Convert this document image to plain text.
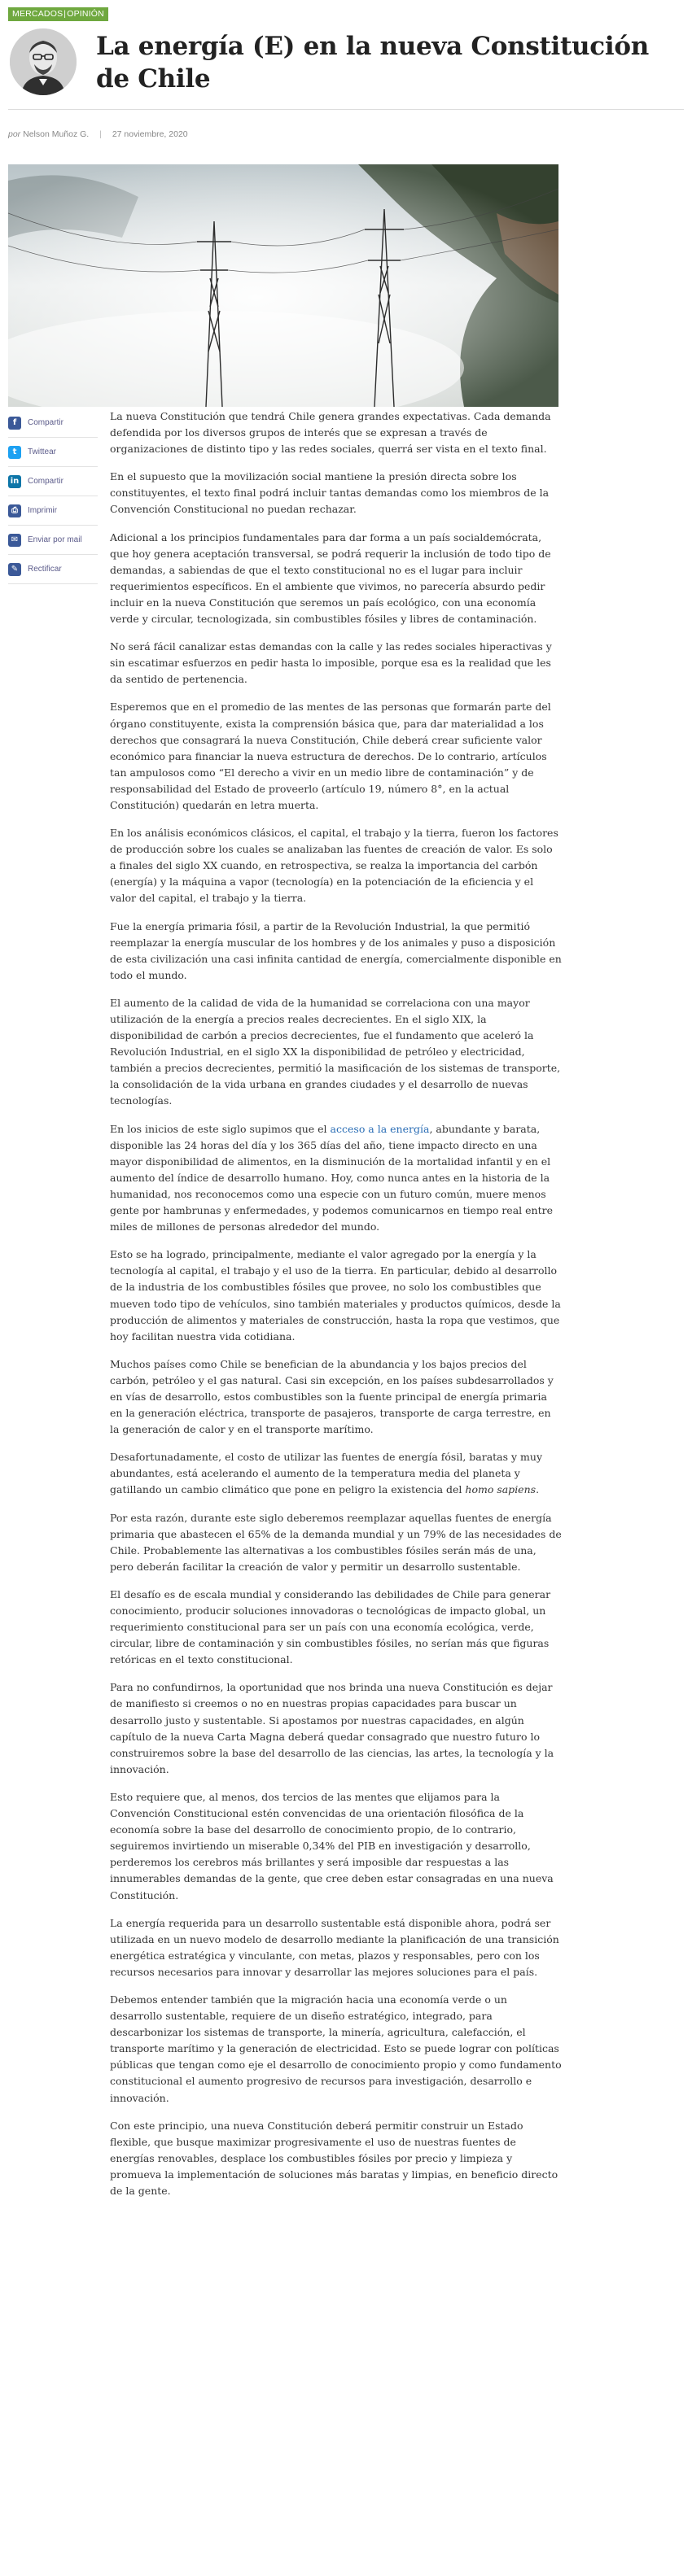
MERCADOS|OPINIÓN
La energía (E) en la nueva Constitución de Chile
por Nelson Muñoz G. | 27 noviembre, 2020
f	Compartir
t	Twittear
in Compartir
⎙	Imprimir
✉	Enviar por mail
✎	Rectificar

La nueva Constitución que tendrá Chile genera grandes expectativas. Cada demanda defendida por los diversos grupos de interés que se expresan a través de organizaciones de distinto tipo y las redes sociales, querrá ser vista en el texto final.

En el supuesto que la movilización social mantiene la presión directa sobre los constituyentes, el texto final podrá incluir tantas demandas como los miembros de la Convención Constitucional no puedan rechazar.

Adicional a los principios fundamentales para dar forma a un país socialdemócrata, que hoy genera aceptación transversal, se podrá requerir la inclusión de todo tipo de demandas, a sabiendas de que el texto constitucional no es el lugar para incluir requerimientos específicos. En el ambiente que vivimos, no parecería absurdo pedir incluir en la nueva Constitución que seremos un país ecológico, con una economía verde y circular, tecnologizada, sin combustibles fósiles y libres de contaminación.

No será fácil canalizar estas demandas con la calle y las redes sociales hiperactivas y sin escatimar esfuerzos en pedir hasta lo imposible, porque esa es la realidad que les da sentido de pertenencia.

Esperemos que en el promedio de las mentes de las personas que formarán parte del órgano constituyente, exista la comprensión básica que, para dar materialidad a los derechos que consagrará la nueva Constitución, Chile deberá crear suficiente valor económico para financiar la nueva estructura de derechos. De lo contrario, artículos tan ampulosos como “El derecho a vivir en un medio libre de contaminación” y de responsabilidad del Estado de proveerlo (artículo 19, número 8°, en la actual Constitución) quedarán en letra muerta.

En los análisis económicos clásicos, el capital, el trabajo y la tierra, fueron los factores de producción sobre los cuales se analizaban las fuentes de creación de valor. Es solo a finales del siglo XX cuando, en retrospectiva, se realza la importancia del carbón (energía) y la máquina a vapor (tecnología) en la potenciación de la eficiencia y el valor del capital, el trabajo y la tierra.

Fue la energía primaria fósil, a partir de la Revolución Industrial, la que permitió reemplazar la energía muscular de los hombres y de los animales y puso a disposición de esta civilización una casi infinita cantidad de energía, comercialmente disponible en todo el mundo.

El aumento de la calidad de vida de la humanidad se correlaciona con una mayor utilización de la energía a precios reales decrecientes. En el siglo XIX, la disponibilidad de carbón a precios decrecientes, fue el fundamento que aceleró la Revolución Industrial, en el siglo XX la disponibilidad de petróleo y electricidad, también a precios decrecientes, permitió la masificación de los sistemas de transporte, la consolidación de la vida urbana en grandes ciudades y el desarrollo de nuevas tecnologías.

En los inicios de este siglo supimos que el acceso a la energía, abundante y barata, disponible las 24 horas del día y los 365 días del año, tiene impacto directo en una mayor disponibilidad de alimentos, en la disminución de la mortalidad infantil y en el aumento del índice de desarrollo humano. Hoy, como nunca antes en la historia de la humanidad, nos reconocemos como una especie con un futuro común, muere menos gente por hambrunas y enfermedades, y podemos comunicarnos en tiempo real entre miles de millones de personas alrededor del mundo.

Esto se ha logrado, principalmente, mediante el valor agregado por la energía y la tecnología al capital, el trabajo y el uso de la tierra. En particular, debido al desarrollo de la industria de los combustibles fósiles que provee, no solo los combustibles que mueven todo tipo de vehículos, sino también materiales y productos químicos, desde la producción de alimentos y materiales de construcción, hasta la ropa que vestimos, que hoy facilitan nuestra vida cotidiana.

Muchos países como Chile se benefician de la abundancia y los bajos precios del carbón, petróleo y el gas natural. Casi sin excepción, en los países subdesarrollados y en vías de desarrollo, estos combustibles son la fuente principal de energía primaria en la generación eléctrica, transporte de pasajeros, transporte de carga terrestre, en la generación de calor y en el transporte marítimo.

Desafortunadamente, el costo de utilizar las fuentes de energía fósil, baratas y muy abundantes, está acelerando el aumento de la temperatura media del planeta y gatillando un cambio climático que pone en peligro la existencia del homo sapiens.

Por esta razón, durante este siglo deberemos reemplazar aquellas fuentes de energía primaria que abastecen el 65% de la demanda mundial y un 79% de las necesidades de Chile. Probablemente las alternativas a los combustibles fósiles serán más de una, pero deberán facilitar la creación de valor y permitir un desarrollo sustentable.

El desafío es de escala mundial y considerando las debilidades de Chile para generar conocimiento, producir soluciones innovadoras o tecnológicas de impacto global, un requerimiento constitucional para ser un país con una economía ecológica, verde, circular, libre de contaminación y sin combustibles fósiles, no serían más que figuras retóricas en el texto constitucional.

Para no confundirnos, la oportunidad que nos brinda una nueva Constitución es dejar de manifiesto si creemos o no en nuestras propias capacidades para buscar un desarrollo justo y sustentable. Si apostamos por nuestras capacidades, en algún capítulo de la nueva Carta Magna deberá quedar consagrado que nuestro futuro lo construiremos sobre la base del desarrollo de las ciencias, las artes, la tecnología y la innovación.

Esto requiere que, al menos, dos tercios de las mentes que elijamos para la Convención Constitucional estén convencidas de una orientación filosófica de la economía sobre la base del desarrollo de conocimiento propio, de lo contrario, seguiremos invirtiendo un miserable 0,34% del PIB en investigación y desarrollo, perderemos los cerebros más brillantes y será imposible dar respuestas a las innumerables demandas de la gente, que cree deben estar consagradas en una nueva Constitución.

La energía requerida para un desarrollo sustentable está disponible ahora, podrá ser utilizada en un nuevo modelo de desarrollo mediante la planificación de una transición energética estratégica y vinculante, con metas, plazos y responsables, pero con los recursos necesarios para innovar y desarrollar las mejores soluciones para el país.

Debemos entender también que la migración hacia una economía verde o un desarrollo sustentable, requiere de un diseño estratégico, integrado, para descarbonizar los sistemas de transporte, la minería, agricultura, calefacción, el transporte marítimo y la generación de electricidad. Esto se puede lograr con políticas públicas que tengan como eje el desarrollo de conocimiento propio y como fundamento constitucional el aumento progresivo de recursos para investigación, desarrollo e innovación.

Con este principio, una nueva Constitución deberá permitir construir un Estado flexible, que busque maximizar progresivamente el uso de nuestras fuentes de energías renovables, desplace los combustibles fósiles por precio y limpieza y promueva la implementación de soluciones más baratas y limpias, en beneficio directo de la gente.
